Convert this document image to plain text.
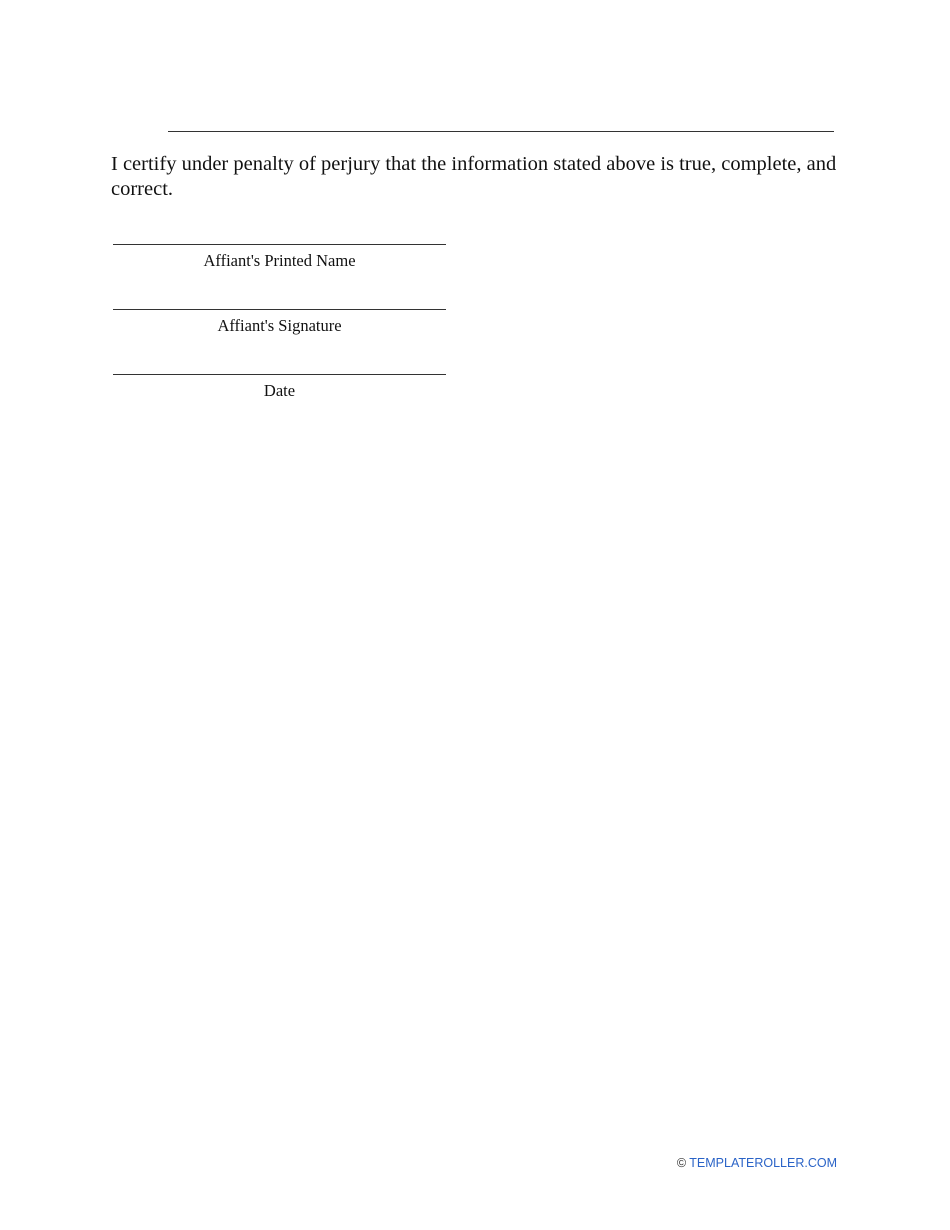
I certify under penalty of perjury that the information stated above is true, complete, and correct.

Affiant's Printed Name
Affiant's Signature
Date
© TEMPLATEROLLER.COM
